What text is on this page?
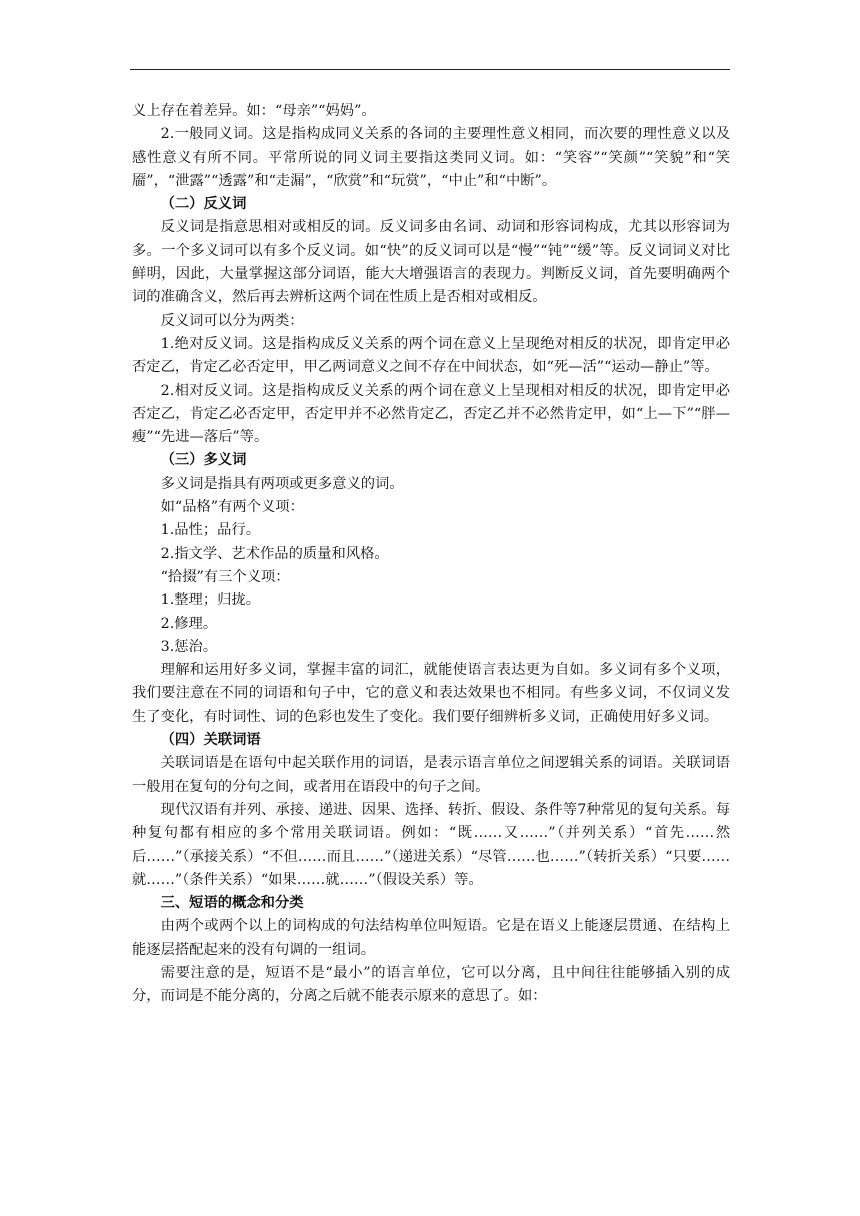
义上存在着差异。如：“母亲”“妈妈”。

2.一般同义词。这是指构成同义关系的各词的主要理性意义相同，而次要的理性意义以及感性意义有所不同。平常所说的同义词主要指这类同义词。如：“笑容”“笑颜”“笑貌”和“笑靥”，“泄露”“透露”和“走漏”，“欣赏”和“玩赏”，“中止”和“中断”。

（二）反义词

反义词是指意思相对或相反的词。反义词多由名词、动词和形容词构成，尤其以形容词为多。一个多义词可以有多个反义词。如“快”的反义词可以是“慢”“钝”“缓”等。反义词词义对比鲜明，因此，大量掌握这部分词语，能大大增强语言的表现力。判断反义词，首先要明确两个词的准确含义，然后再去辨析这两个词在性质上是否相对或相反。

反义词可以分为两类：

1.绝对反义词。这是指构成反义关系的两个词在意义上呈现绝对相反的状况，即肯定甲必否定乙，肯定乙必否定甲，甲乙两词意义之间不存在中间状态，如“死—活”“运动—静止”等。

2.相对反义词。这是指构成反义关系的两个词在意义上呈现相对相反的状况，即肯定甲必否定乙，肯定乙必否定甲，否定甲并不必然肯定乙，否定乙并不必然肯定甲，如“上—下”“胖—瘦”“先进—落后”等。

（三）多义词

多义词是指具有两项或更多意义的词。

如“品格”有两个义项：

1.品性；品行。

2.指文学、艺术作品的质量和风格。

“拾掇”有三个义项：

1.整理；归拢。

2.修理。

3.惩治。

理解和运用好多义词，掌握丰富的词汇，就能使语言表达更为自如。多义词有多个义项，我们要注意在不同的词语和句子中，它的意义和表达效果也不相同。有些多义词，不仅词义发生了变化，有时词性、词的色彩也发生了变化。我们要仔细辨析多义词，正确使用好多义词。

（四）关联词语

关联词语是在语句中起关联作用的词语，是表示语言单位之间逻辑关系的词语。关联词语一般用在复句的分句之间，或者用在语段中的句子之间。

现代汉语有并列、承接、递进、因果、选择、转折、假设、条件等7种常见的复句关系。每种复句都有相应的多个常用关联词语。例如：“既……又……”（并列关系）“首先……然后……”（承接关系）“不但……而且……”（递进关系）“尽管……也……”（转折关系）“只要……就……”（条件关系）“如果……就……”（假设关系）等。

三、短语的概念和分类

由两个或两个以上的词构成的句法结构单位叫短语。它是在语义上能逐层贯通、在结构上能逐层搭配起来的没有句调的一组词。

需要注意的是，短语不是“最小”的语言单位，它可以分离，且中间往往能够插入别的成分，而词是不能分离的，分离之后就不能表示原来的意思了。如：
